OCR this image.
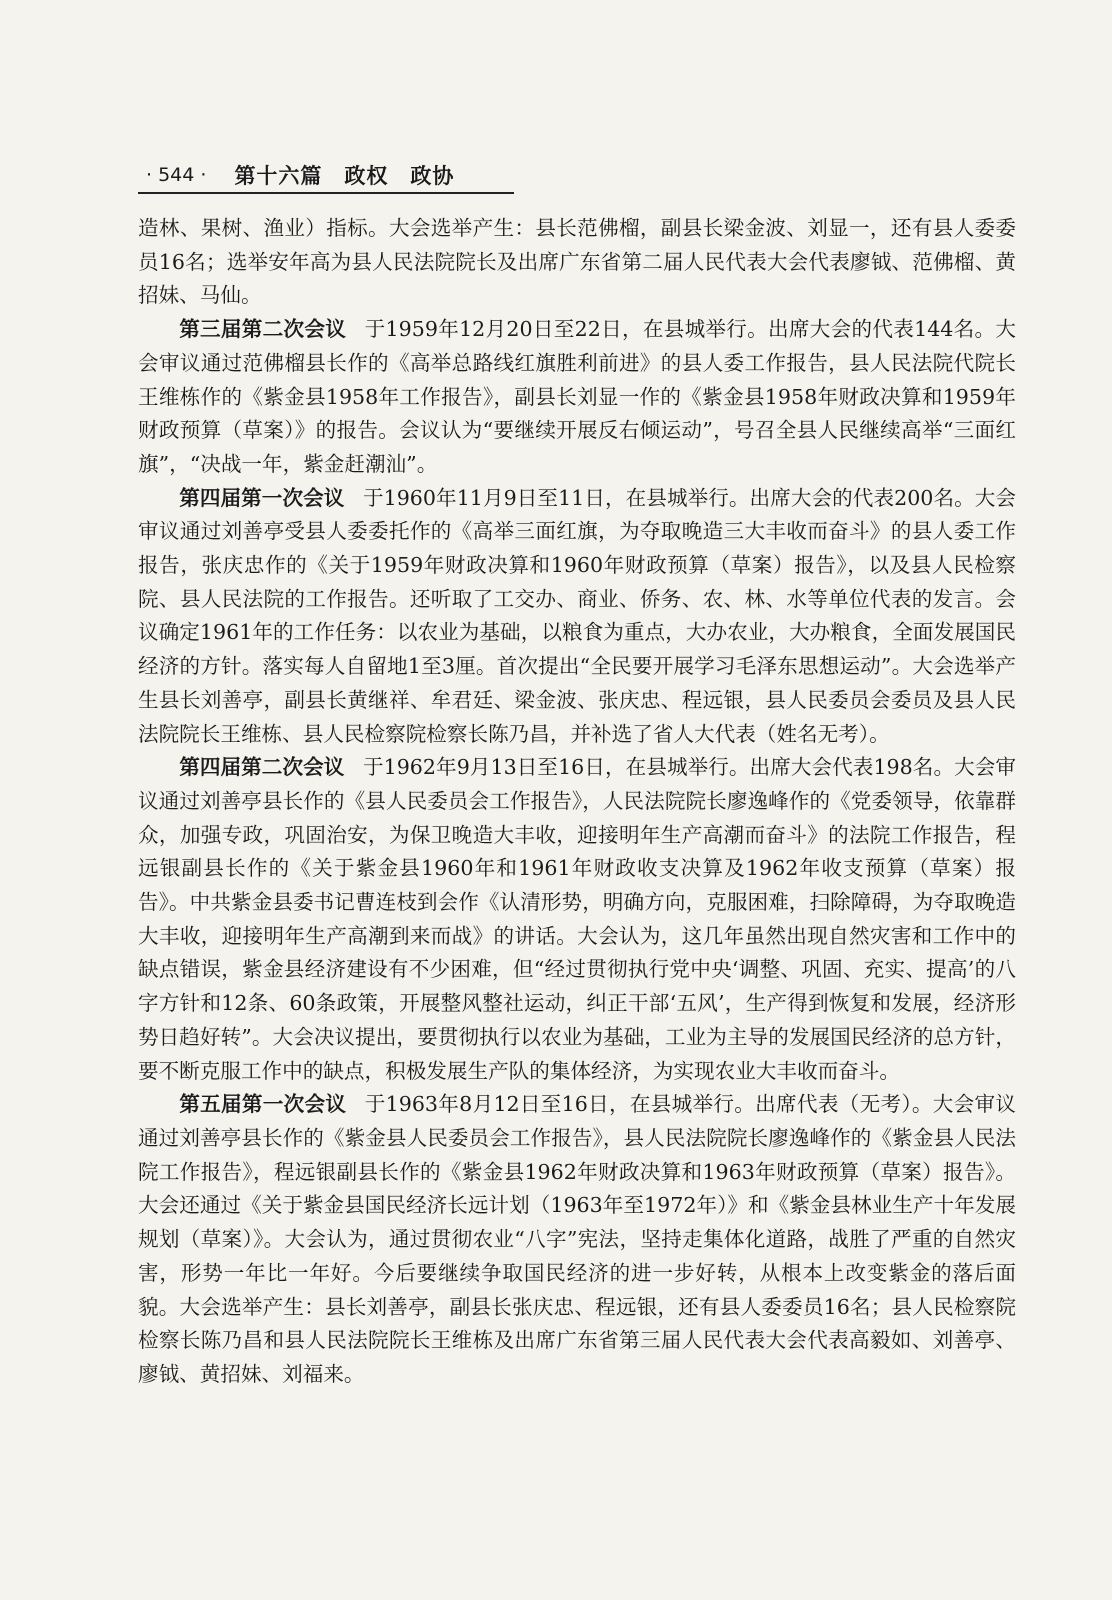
· 544 · 第十六篇　政权　政协

造林、果树、渔业）指标。大会选举产生：县长范佛榴，副县长梁金波、刘显一，还有县人委委员16名；选举安年高为县人民法院院长及出席广东省第二届人民代表大会代表廖钺、范佛榴、黄招妹、马仙。

第三届第二次会议 于1959年12月20日至22日，在县城举行。出席大会的代表144名。大会审议通过范佛榴县长作的《高举总路线红旗胜利前进》的县人委工作报告，县人民法院代院长王维栋作的《紫金县1958年工作报告》，副县长刘显一作的《紫金县1958年财政决算和1959年财政预算（草案）》的报告。会议认为“要继续开展反右倾运动”，号召全县人民继续高举“三面红旗”，“决战一年，紫金赶潮汕”。

第四届第一次会议 于1960年11月9日至11日，在县城举行。出席大会的代表200名。大会审议通过刘善亭受县人委委托作的《高举三面红旗，为夺取晚造三大丰收而奋斗》的县人委工作报告，张庆忠作的《关于1959年财政决算和1960年财政预算（草案）报告》，以及县人民检察院、县人民法院的工作报告。还听取了工交办、商业、侨务、农、林、水等单位代表的发言。会议确定1961年的工作任务：以农业为基础，以粮食为重点，大办农业，大办粮食，全面发展国民经济的方针。落实每人自留地1至3厘。首次提出“全民要开展学习毛泽东思想运动”。大会选举产生县长刘善亭，副县长黄继祥、牟君廷、梁金波、张庆忠、程远银，县人民委员会委员及县人民法院院长王维栋、县人民检察院检察长陈乃昌，并补选了省人大代表（姓名无考）。

第四届第二次会议 于1962年9月13日至16日，在县城举行。出席大会代表198名。大会审议通过刘善亭县长作的《县人民委员会工作报告》，人民法院院长廖逸峰作的《党委领导，依靠群众，加强专政，巩固治安，为保卫晚造大丰收，迎接明年生产高潮而奋斗》的法院工作报告，程远银副县长作的《关于紫金县1960年和1961年财政收支决算及1962年收支预算（草案）报告》。中共紫金县委书记曹连枝到会作《认清形势，明确方向，克服困难，扫除障碍，为夺取晚造大丰收，迎接明年生产高潮到来而战》的讲话。大会认为，这几年虽然出现自然灾害和工作中的缺点错误，紫金县经济建设有不少困难，但“经过贯彻执行党中央‘调整、巩固、充实、提高’的八字方针和12条、60条政策，开展整风整社运动，纠正干部‘五风’，生产得到恢复和发展，经济形势日趋好转”。大会决议提出，要贯彻执行以农业为基础，工业为主导的发展国民经济的总方针，要不断克服工作中的缺点，积极发展生产队的集体经济，为实现农业大丰收而奋斗。

第五届第一次会议 于1963年8月12日至16日，在县城举行。出席代表（无考）。大会审议通过刘善亭县长作的《紫金县人民委员会工作报告》，县人民法院院长廖逸峰作的《紫金县人民法院工作报告》，程远银副县长作的《紫金县1962年财政决算和1963年财政预算（草案）报告》。大会还通过《关于紫金县国民经济长远计划（1963年至1972年）》和《紫金县林业生产十年发展规划（草案）》。大会认为，通过贯彻农业“八字”宪法，坚持走集体化道路，战胜了严重的自然灾害，形势一年比一年好。今后要继续争取国民经济的进一步好转，从根本上改变紫金的落后面貌。大会选举产生：县长刘善亭，副县长张庆忠、程远银，还有县人委委员16名；县人民检察院检察长陈乃昌和县人民法院院长王维栋及出席广东省第三届人民代表大会代表高毅如、刘善亭、廖钺、黄招妹、刘福来。
